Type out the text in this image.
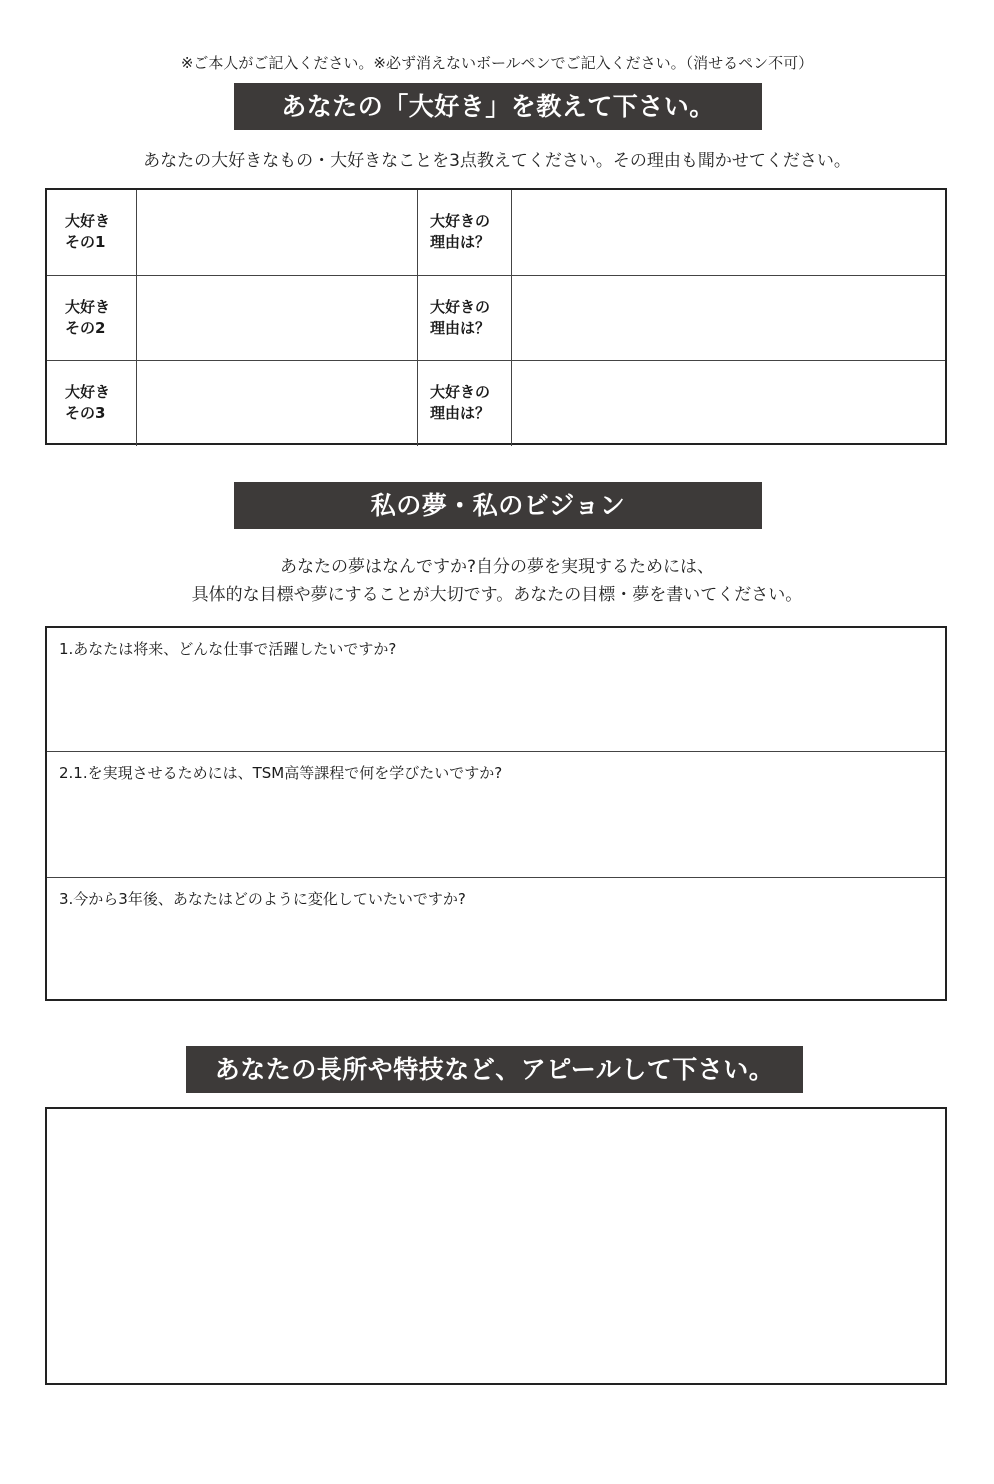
※ご本人がご記入ください。※必ず消えないボールペンでご記入ください。（消せるペン不可）
あなたの「大好き」を教えて下さい。
あなたの大好きなもの・大好きなことを3点教えてください。その理由も聞かせてください。
大好き
その1
大好きの
理由は？
大好き
その2
大好きの
理由は？
大好き
その3
大好きの
理由は？
私の夢・私のビジョン
あなたの夢はなんですか?自分の夢を実現するためには、
具体的な目標や夢にすることが大切です。あなたの目標・夢を書いてください。
1.あなたは将来、どんな仕事で活躍したいですか?
2.1.を実現させるためには、TSM高等課程で何を学びたいですか?
3.今から3年後、あなたはどのように変化していたいですか?
あなたの長所や特技など、アピールして下さい。
